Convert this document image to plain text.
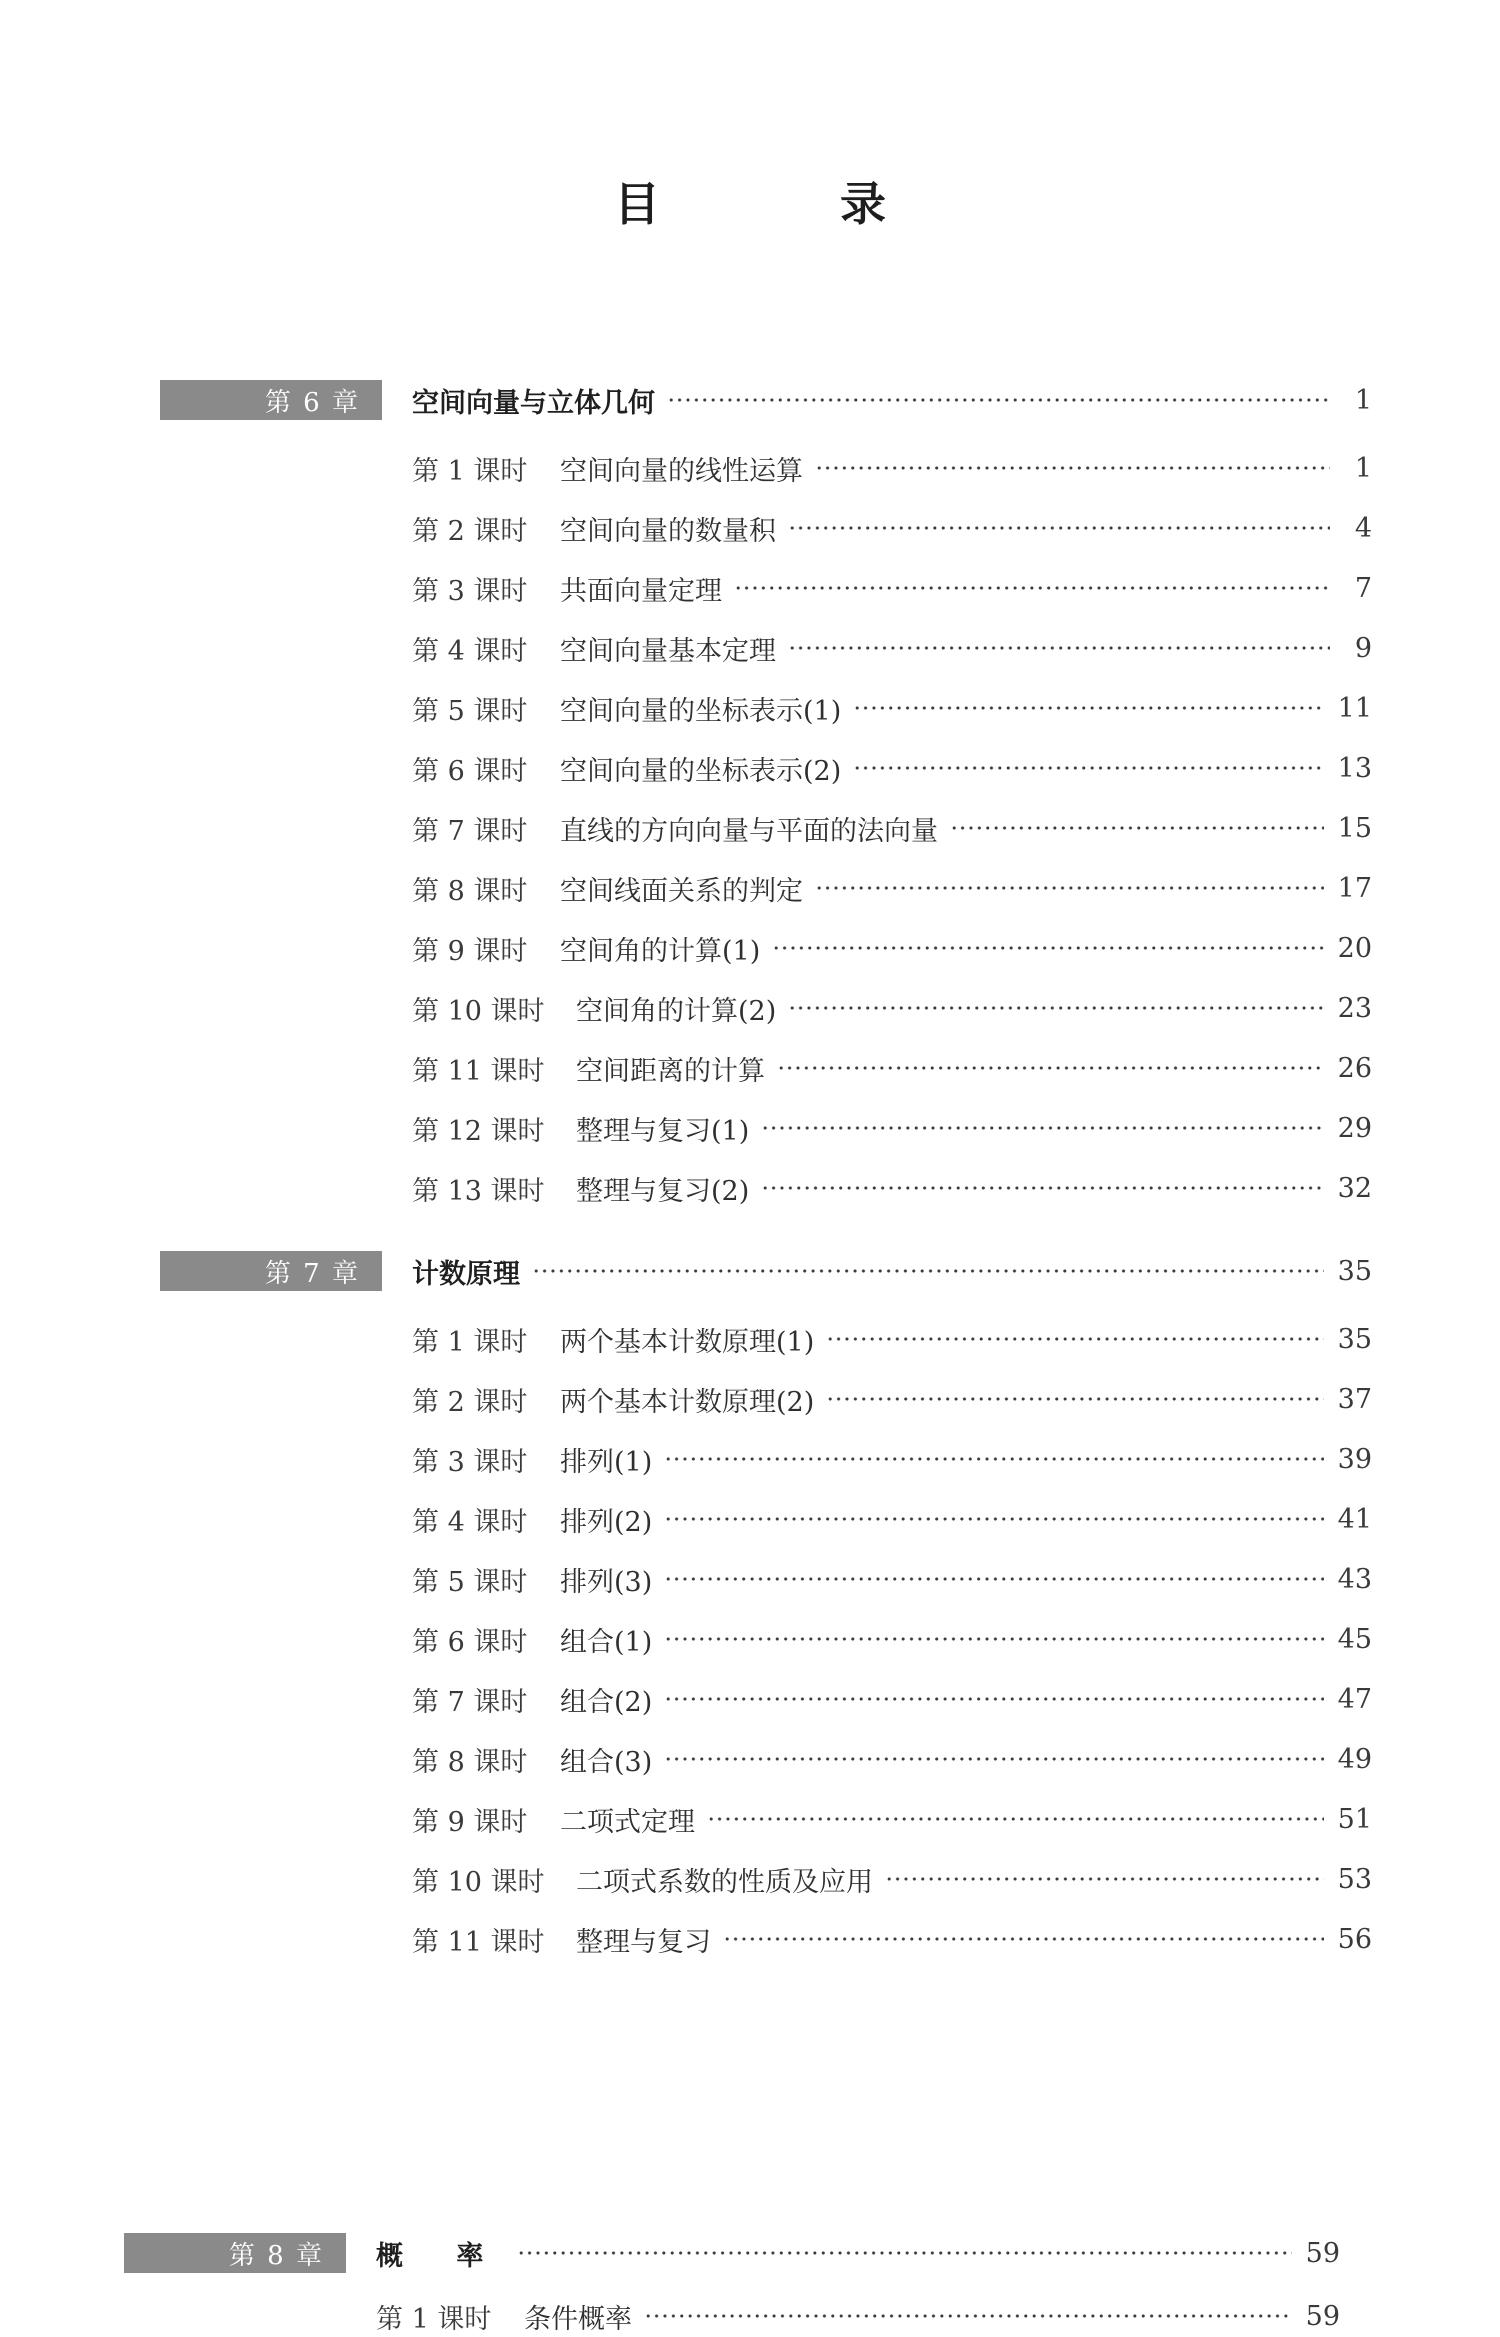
目 录
第 6 章	空间向量与立体几何	1
第 1 课时	空间向量的线性运算	1
第 2 课时	空间向量的数量积	4
第 3 课时	共面向量定理	7
第 4 课时	空间向量基本定理	9
第 5 课时	空间向量的坐标表示(1)	11
第 6 课时	空间向量的坐标表示(2)	13
第 7 课时	直线的方向向量与平面的法向量	15
第 8 课时	空间线面关系的判定	17
第 9 课时	空间角的计算(1)	20
第 10 课时	空间角的计算(2)	23
第 11 课时	空间距离的计算	26
第 12 课时	整理与复习(1)	29
第 13 课时	整理与复习(2)	32
第 7 章	计数原理	35
第 1 课时	两个基本计数原理(1)	35
第 2 课时	两个基本计数原理(2)	37
第 3 课时	排列(1)	39
第 4 课时	排列(2)	41
第 5 课时	排列(3)	43
第 6 课时	组合(1)	45
第 7 课时	组合(2)	47
第 8 课时	组合(3)	49
第 9 课时	二项式定理	51
第 10 课时	二项式系数的性质及应用	53
第 11 课时	整理与复习	56
第 8 章	概 率	59
第 1 课时	条件概率	59
